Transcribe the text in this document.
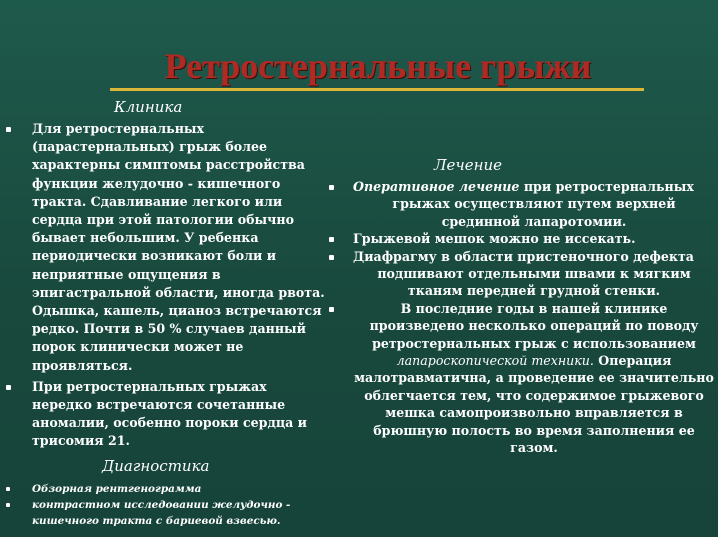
Ретростернальные грыжи
Клиника
Для ретростернальных
(парастернальных) грыж более
характерны симптомы расстройства
функции желудочно - кишечного
тракта. Сдавливание легкого или
сердца при этой патологии обычно
бывает небольшим. У ребенка
периодически возникают боли и
неприятные ощущения в
эпигастральной области, иногда рвота.
Одышка, кашель, цианоз встречаются
редко. Почти в 50 % случаев данный
порок клинически может не
проявляться.
При ретростернальных грыжах
нередко встречаются сочетанные
аномалии, особенно пороки сердца и
трисомия 21.
Диагностика
Обзорная рентгенограмма
контрастном исследовании желудочно -
кишечного тракта с бариевой взвесью.
Лечение
Оперативное лечение при ретростернальных
грыжах осуществляют путем верхней
срединной лапаротомии.
Грыжевой мешок можно не иссекать.
Диафрагму в области пристеночного дефекта
подшивают отдельными швами к мягким
тканям передней грудной стенки.
В последние годы в нашей клинике
произведено несколько операций по поводу
ретростернальных грыж с использованием
лапароскопической техники. Операция
малотравматична, а проведение ее значительно
облегчается тем, что содержимое грыжевого
мешка самопроизвольно вправляется в
брюшную полость во время заполнения ее газом.
